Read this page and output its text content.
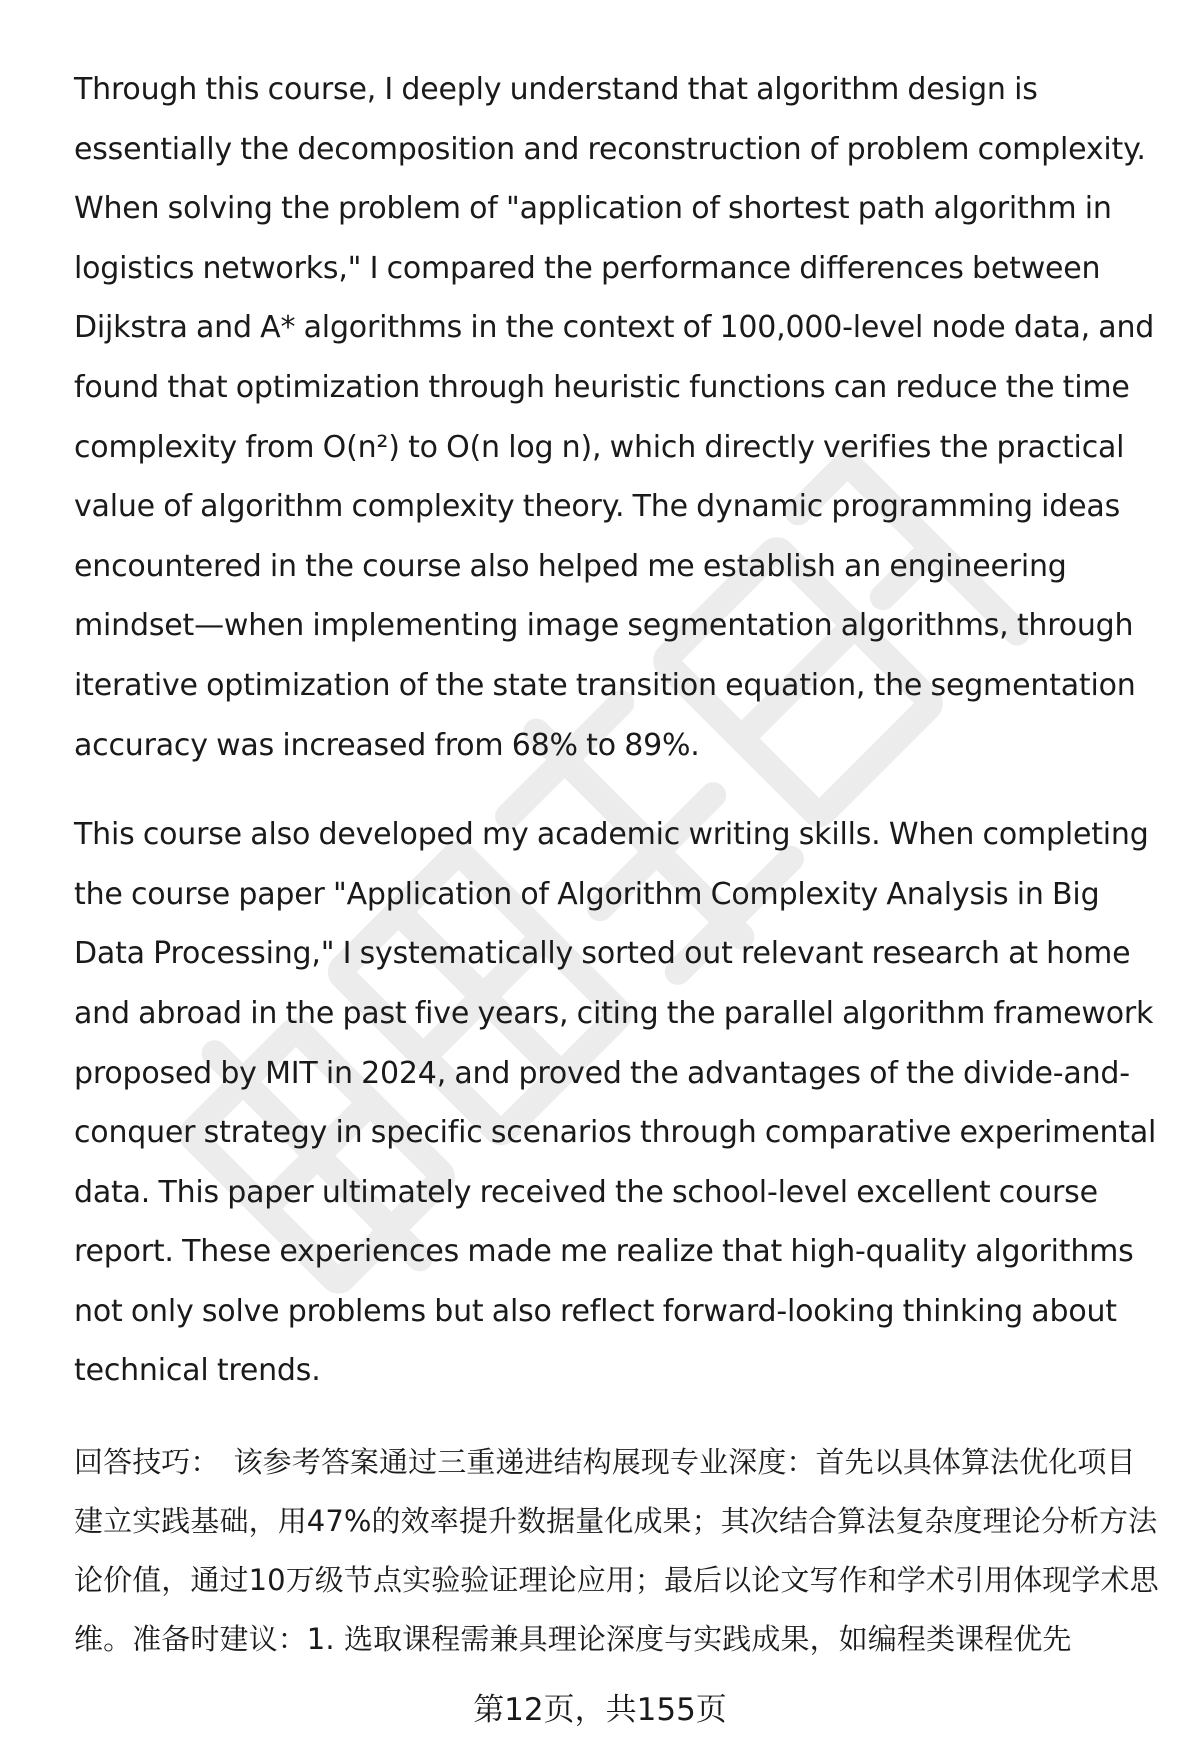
Through this course, I deeply understand that algorithm design is essentially the decomposition and reconstruction of problem complexity. When solving the problem of "application of shortest path algorithm in logistics networks," I compared the performance differences between Dijkstra and A* algorithms in the context of 100,000-level node data, and found that optimization through heuristic functions can reduce the time complexity from O(n²) to O(n log n), which directly verifies the practical value of algorithm complexity theory. The dynamic programming ideas encountered in the course also helped me establish an engineering mindset—when implementing image segmentation algorithms, through iterative optimization of the state transition equation, the segmentation accuracy was increased from 68% to 89%.

This course also developed my academic writing skills. When completing the course paper "Application of Algorithm Complexity Analysis in Big Data Processing," I systematically sorted out relevant research at home and abroad in the past five years, citing the parallel algorithm framework proposed by MIT in 2024, and proved the advantages of the divide-and-conquer strategy in specific scenarios through comparative experimental data. This paper ultimately received the school-level excellent course report. These experiences made me realize that high-quality algorithms not only solve problems but also reflect forward-looking thinking about technical trends.

回答技巧： 该参考答案通过三重递进结构展现专业深度：首先以具体算法优化项目建立实践基础，用47%的效率提升数据量化成果；其次结合算法复杂度理论分析方法论价值，通过10万级节点实验验证理论应用；最后以论文写作和学术引用体现学术思维。准备时建议：1. 选取课程需兼具理论深度与实践成果，如编程类课程优先
第12页，共155页
